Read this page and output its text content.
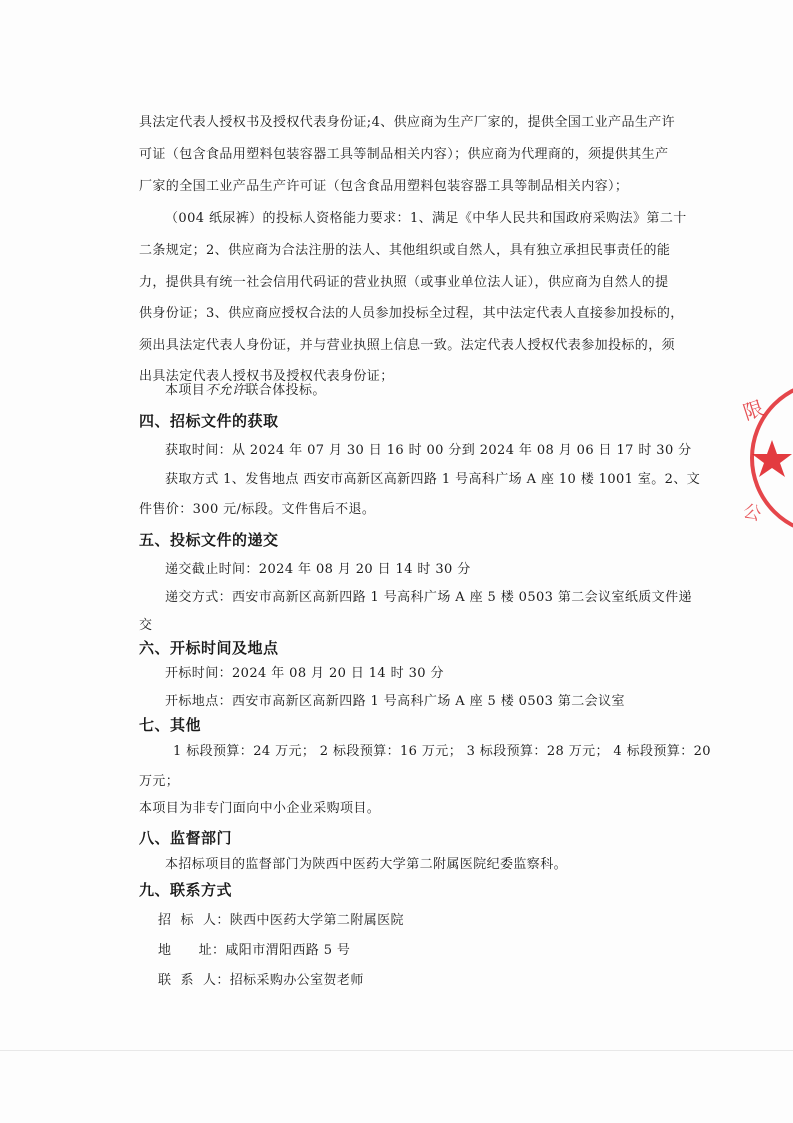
具法定代表人授权书及授权代表身份证;4、供应商为生产厂家的，提供全国工业产品生产许
可证（包含食品用塑料包装容器工具等制品相关内容）；供应商为代理商的，须提供其生产
厂家的全国工业产品生产许可证（包含食品用塑料包装容器工具等制品相关内容）；
（004 纸尿裤）的投标人资格能力要求：1、满足《中华人民共和国政府采购法》第二十
二条规定；2、供应商为合法注册的法人、其他组织或自然人，具有独立承担民事责任的能
力，提供具有统一社会信用代码证的营业执照（或事业单位法人证），供应商为自然人的提
供身份证；3、供应商应授权合法的人员参加投标全过程，其中法定代表人直接参加投标的，
须出具法定代表人身份证，并与营业执照上信息一致。法定代表人授权代表参加投标的，须
出具法定代表人授权书及授权代表身份证；
本项目不允许联合体投标。
四、招标文件的获取
获取时间：从 2024 年 07 月 30 日 16 时 00 分到 2024 年 08 月 06 日 17 时 30 分
获取方式 1、发售地点 西安市高新区高新四路 1 号高科广场 A 座 10 楼 1001 室。2、文
件售价：300 元/标段。文件售后不退。
五、投标文件的递交
递交截止时间：2024 年 08 月 20 日 14 时 30 分
递交方式：西安市高新区高新四路 1 号高科广场 A 座 5 楼 0503 第二会议室纸质文件递
交
六、开标时间及地点
开标时间：2024 年 08 月 20 日 14 时 30 分
开标地点：西安市高新区高新四路 1 号高科广场 A 座 5 楼 0503 第二会议室
七、其他
1 标段预算：24 万元； 2 标段预算：16 万元； 3 标段预算：28 万元； 4 标段预算：20
万元；
本项目为非专门面向中小企业采购项目。
八、监督部门
本招标项目的监督部门为陕西中医药大学第二附属医院纪委监察科。
九、联系方式
招  标  人：陕西中医药大学第二附属医院
地      址：咸阳市渭阳西路 5 号
联  系  人：招标采购办公室贺老师
限
公
